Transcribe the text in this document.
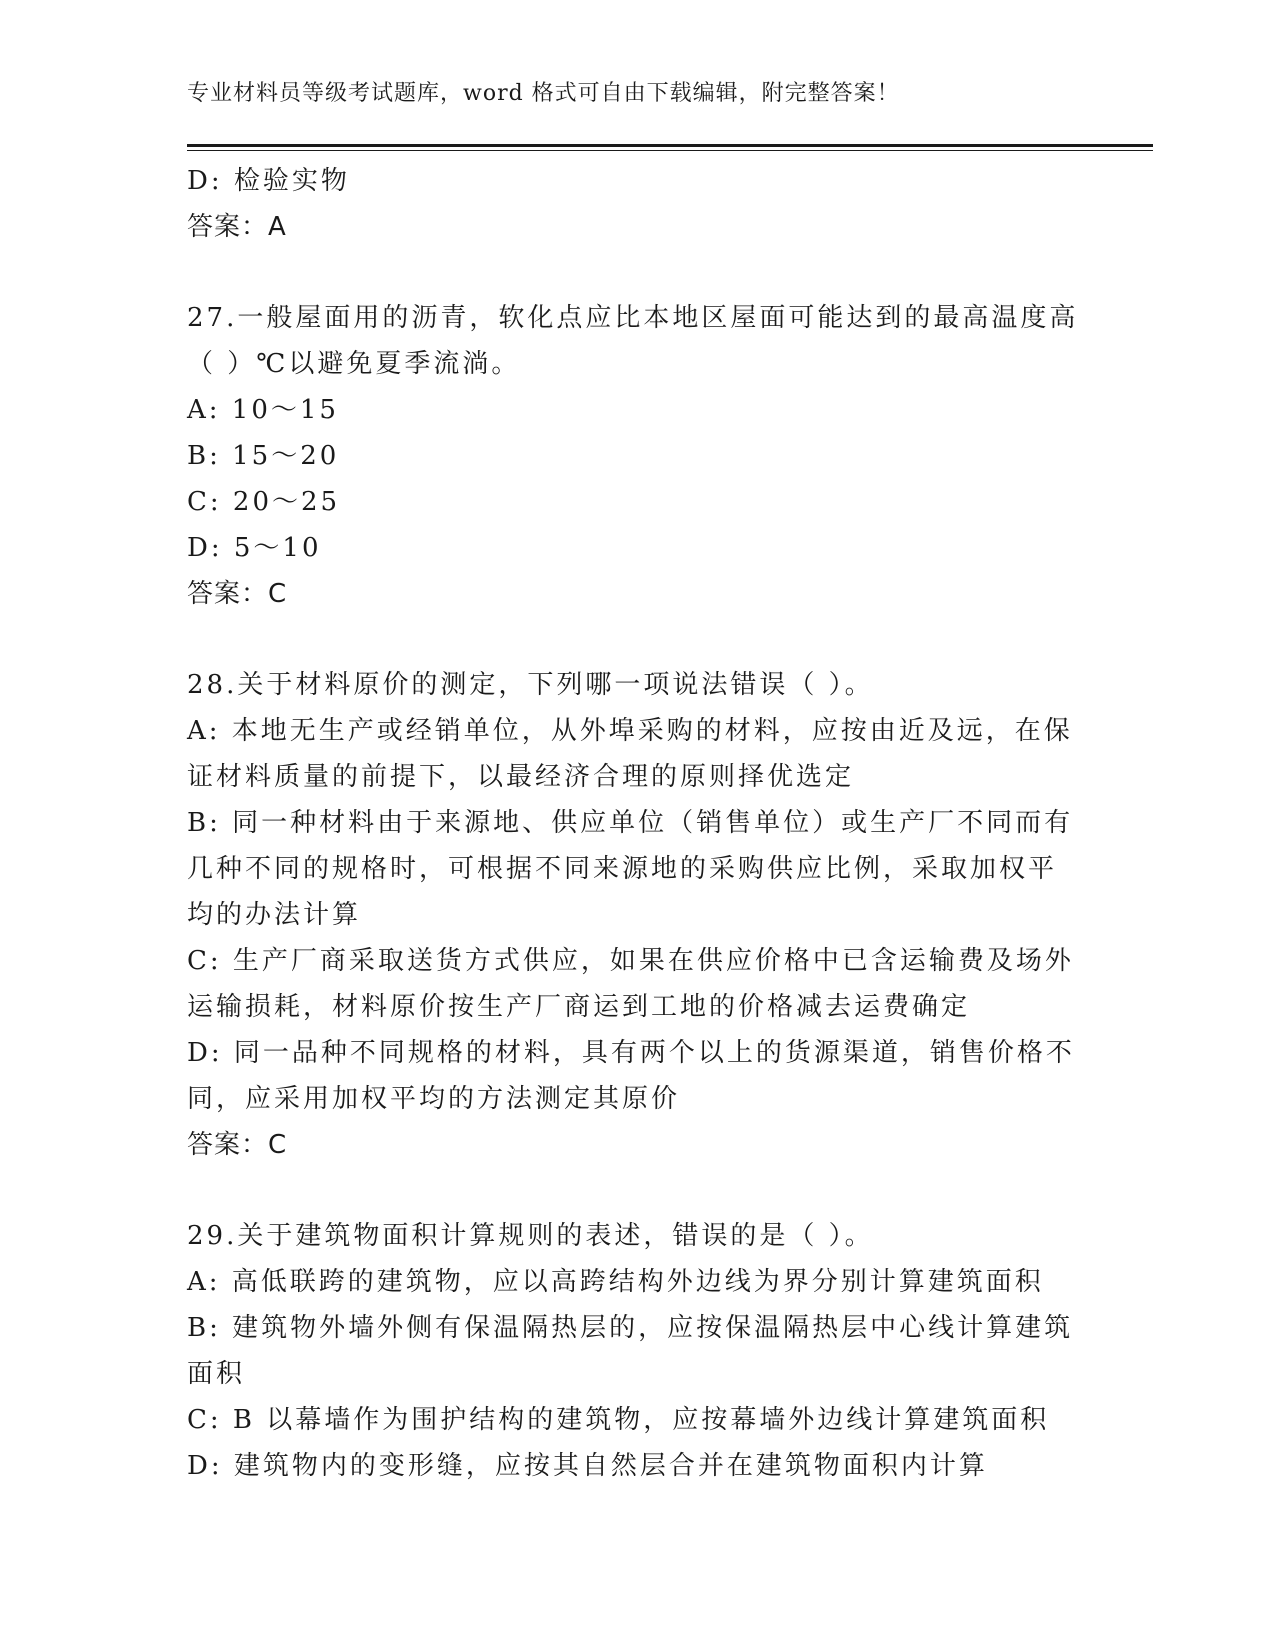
专业材料员等级考试题库，word 格式可自由下载编辑，附完整答案！
D: 检验实物
答案：A
27.一般屋面用的沥青，软化点应比本地区屋面可能达到的最高温度高
（ ）℃以避免夏季流淌。
A: 10～15
B: 15～20
C: 20～25
D: 5～10
答案：C
28.关于材料原价的测定，下列哪一项说法错误（ ）。
A: 本地无生产或经销单位，从外埠采购的材料，应按由近及远，在保
证材料质量的前提下，以最经济合理的原则择优选定
B: 同一种材料由于来源地、供应单位（销售单位）或生产厂不同而有
几种不同的规格时，可根据不同来源地的采购供应比例，采取加权平
均的办法计算
C: 生产厂商采取送货方式供应，如果在供应价格中已含运输费及场外
运输损耗，材料原价按生产厂商运到工地的价格减去运费确定
D: 同一品种不同规格的材料，具有两个以上的货源渠道，销售价格不
同，应采用加权平均的方法测定其原价
答案：C
29.关于建筑物面积计算规则的表述，错误的是（ ）。
A: 高低联跨的建筑物，应以高跨结构外边线为界分别计算建筑面积
B: 建筑物外墙外侧有保温隔热层的，应按保温隔热层中心线计算建筑
面积
C: B 以幕墙作为围护结构的建筑物，应按幕墙外边线计算建筑面积
D: 建筑物内的变形缝，应按其自然层合并在建筑物面积内计算
